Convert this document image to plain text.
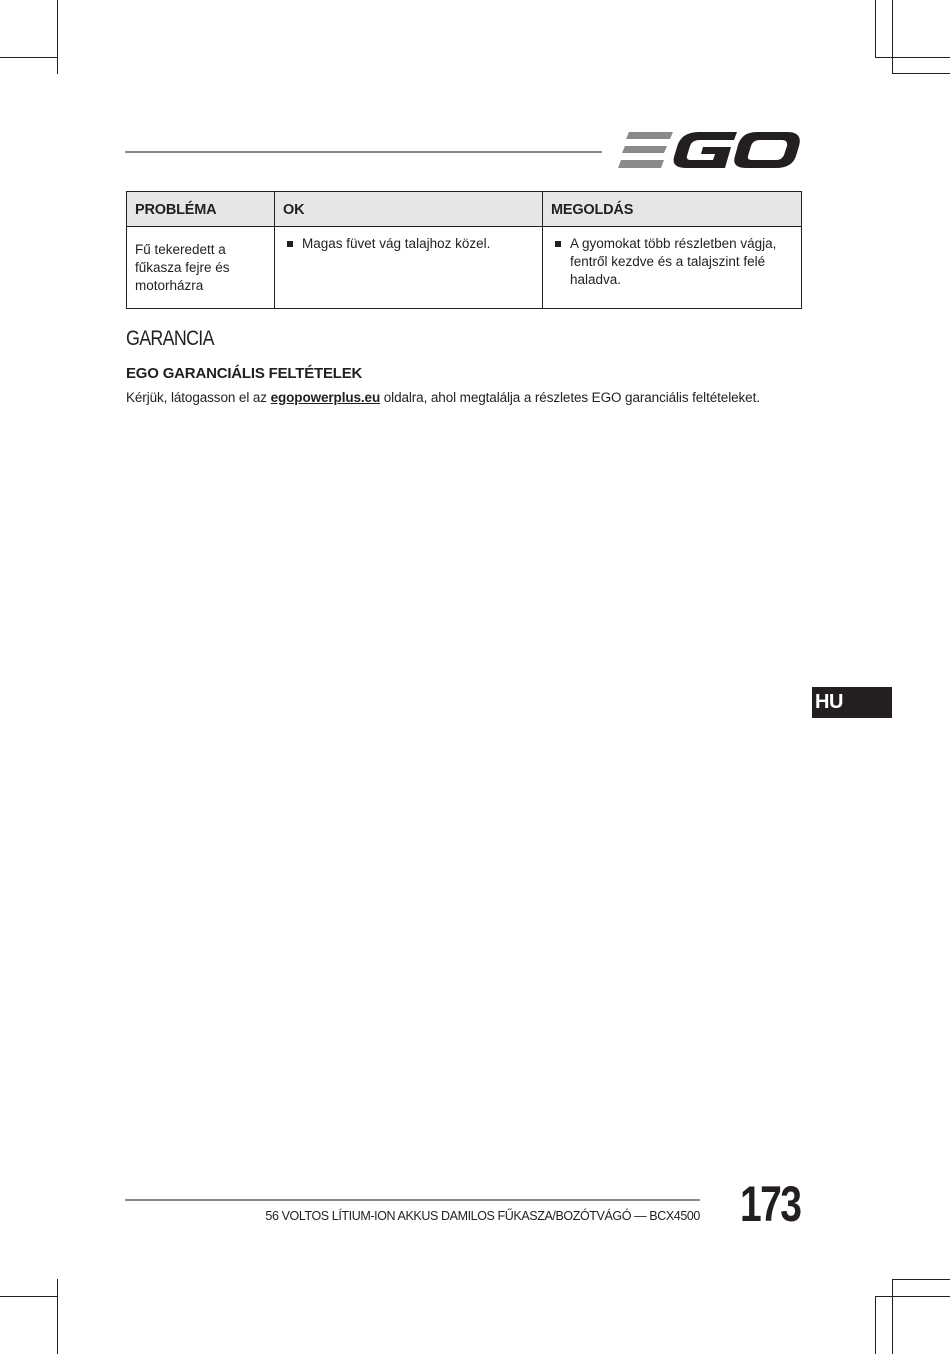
PROBLÉMA	OK	MEGOLDÁS
Fű tekeredett a fűkasza fejre és motorházra	Magas füvet vág talajhoz közel.	A gyomokat több részletben vágja, fentről kezdve és a talajszint felé haladva.
GARANCIA
EGO GARANCIÁLIS FELTÉTELEK

Kérjük, látogasson el az egopowerplus.eu oldalra, ahol megtalálja a részletes EGO garanciális feltételeket.

HU
56 VOLTOS LÍTIUM-ION AKKUS DAMILOS FŰKASZA/BOZÓTVÁGÓ — BCX4500 173
